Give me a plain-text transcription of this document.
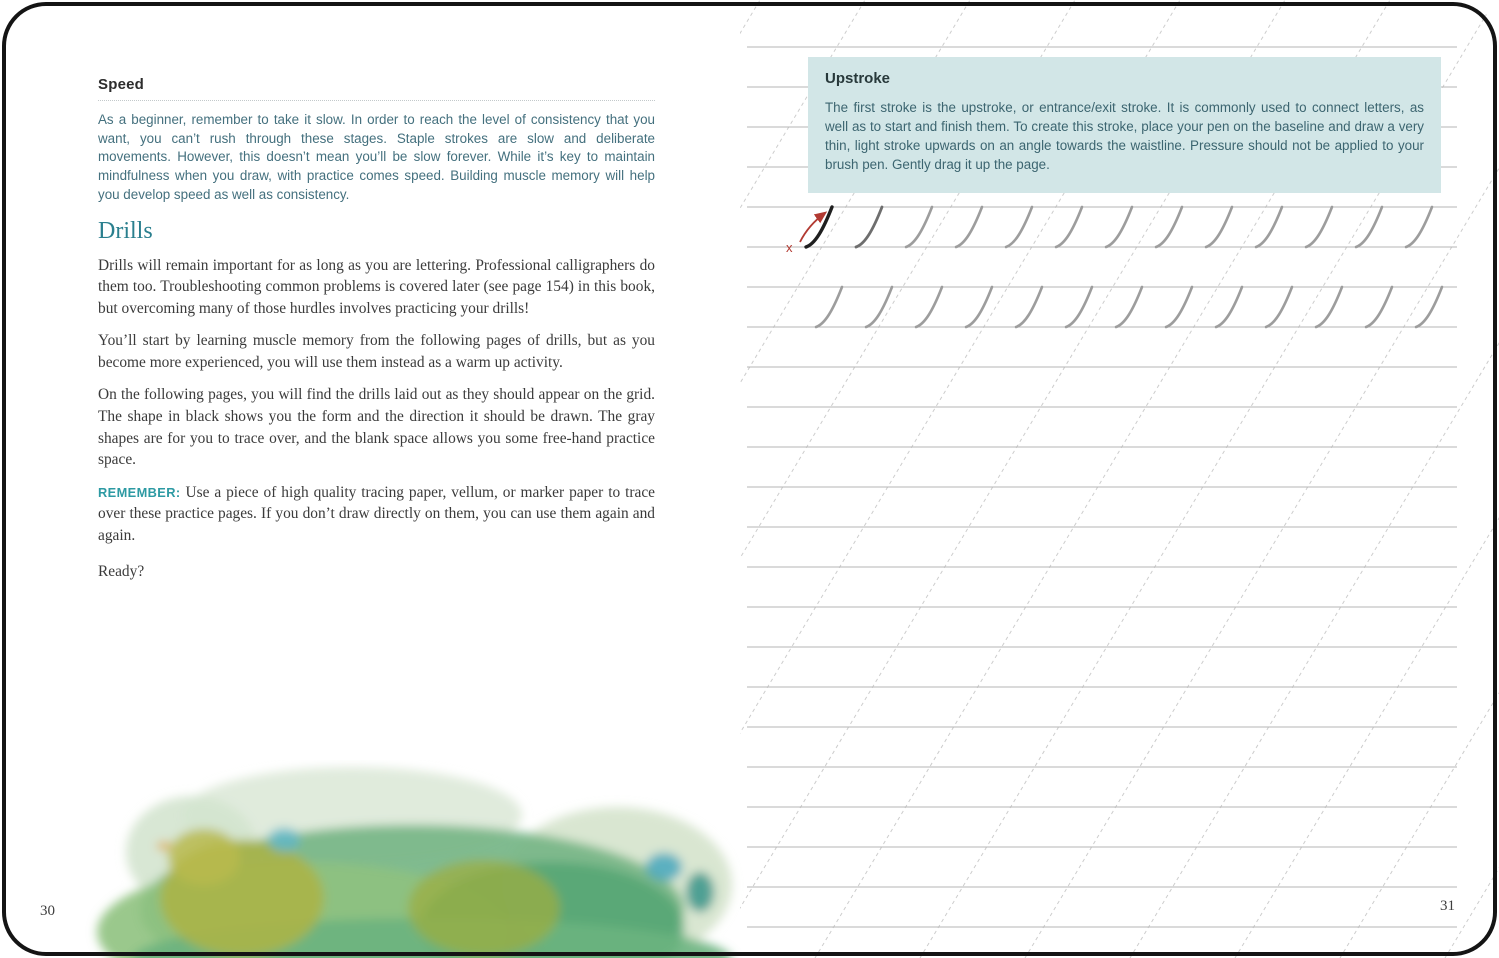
Speed

As a beginner, remember to take it slow. In order to reach the level of consistency that you want, you can’t rush through these stages. Staple strokes are slow and deliberate movements. However, this doesn’t mean you’ll be slow forever. While it’s key to maintain mindfulness when you draw, with practice comes speed. Building muscle memory will help you develop speed as well as consistency.

Drills

Drills will remain important for as long as you are lettering. Professional calligraphers do them too. Troubleshooting common problems is covered later (see page 154) in this book, but overcoming many of those hurdles involves practicing your drills!

You’ll start by learning muscle memory from the following pages of drills, but as you become more experienced, you will use them instead as a warm up activity.

On the following pages, you will find the drills laid out as they should appear on the grid. The shape in black shows you the form and the direction it should be drawn. The gray shapes are for you to trace over, and the blank space allows you some free-hand practice space.

REMEMBER: Use a piece of high quality tracing paper, vellum, or marker paper to trace over these practice pages. If you don’t draw directly on them, you can use them again and again.

Ready?

30
x
Upstroke

The first stroke is the upstroke, or entrance/exit stroke. It is commonly used to connect letters, as well as to start and finish them. To create this stroke, place your pen on the baseline and draw a very thin, light stroke upwards on an angle towards the waistline. Pressure should not be applied to your brush pen. Gently drag it up the page.

31
